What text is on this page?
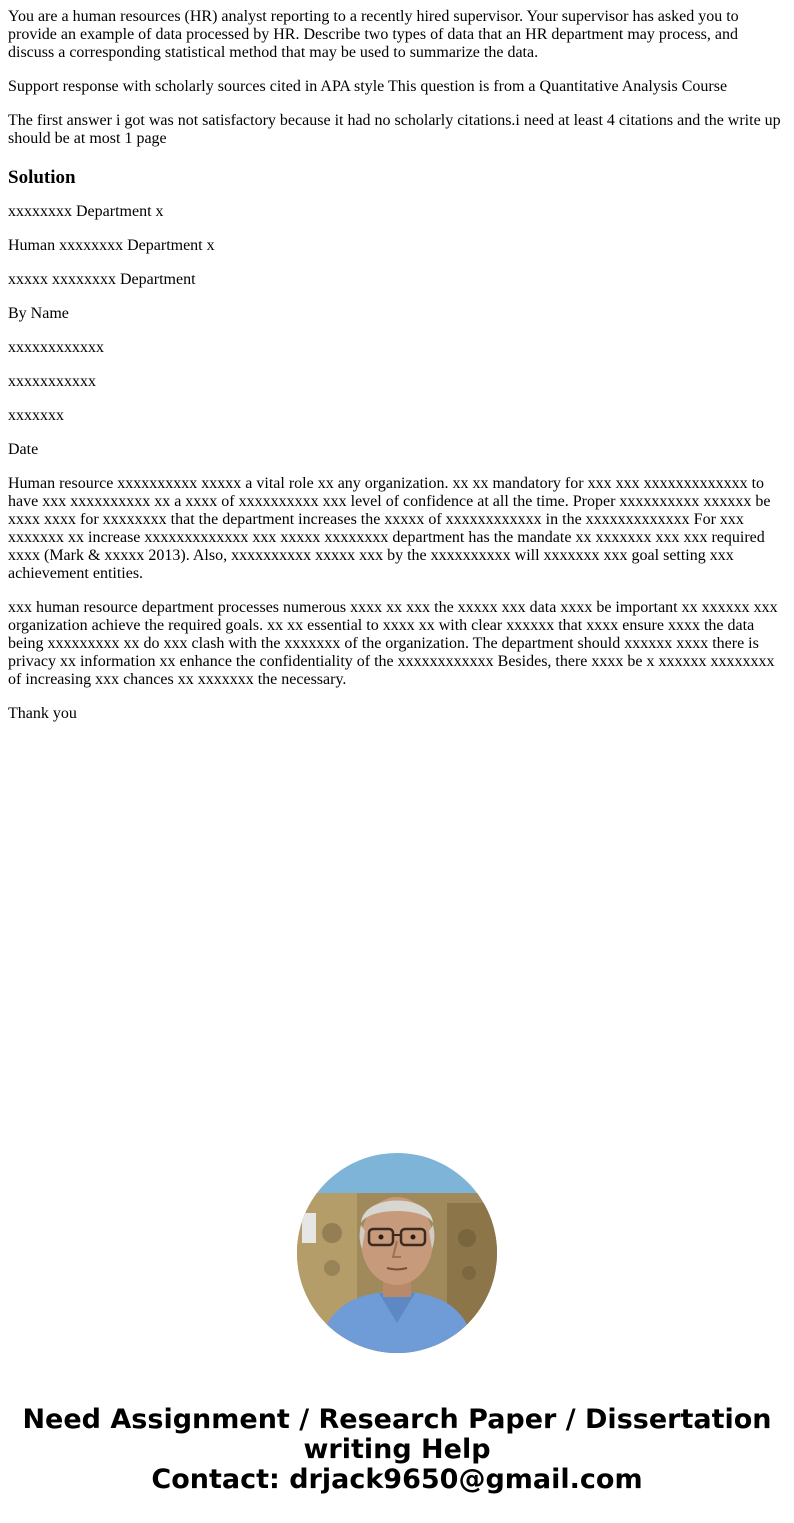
You are a human resources (HR) analyst reporting to a recently hired supervisor. Your supervisor has asked you to provide an example of data processed by HR. Describe two types of data that an HR department may process, and discuss a corresponding statistical method that may be used to summarize the data.

Support response with scholarly sources cited in APA style This question is from a Quantitative Analysis Course

The first answer i got was not satisfactory because it had no scholarly citations.i need at least 4 citations and the write up should be at most 1 page

Solution

xxxxxxxx Department x

Human xxxxxxxx Department x

xxxxx xxxxxxxx Department

By Name

xxxxxxxxxxxx

xxxxxxxxxxx

xxxxxxx

Date

Human resource xxxxxxxxxx xxxxx a vital role xx any organization. xx xx mandatory for xxx xxx xxxxxxxxxxxxx to have xxx xxxxxxxxxx xx a xxxx of xxxxxxxxxx xxx level of confidence at all the time. Proper xxxxxxxxxx xxxxxx be xxxx xxxx for xxxxxxxx that the department increases the xxxxx of xxxxxxxxxxxx in the xxxxxxxxxxxxx For xxx xxxxxxx xx increase xxxxxxxxxxxxx xxx xxxxx xxxxxxxx department has the mandate xx xxxxxxx xxx xxx required xxxx (Mark & xxxxx 2013). Also, xxxxxxxxxx xxxxx xxx by the xxxxxxxxxx will xxxxxxx xxx goal setting xxx achievement entities.

xxx human resource department processes numerous xxxx xx xxx the xxxxx xxx data xxxx be important xx xxxxxx xxx organization achieve the required goals. xx xx essential to xxxx xx with clear xxxxxx that xxxx ensure xxxx the data being xxxxxxxxx xx do xxx clash with the xxxxxxx of the organization. The department should xxxxxx xxxx there is privacy xx information xx enhance the confidentiality of the xxxxxxxxxxxx Besides, there xxxx be x xxxxxx xxxxxxxx of increasing xxx chances xx xxxxxxx the necessary.

Thank you

Need Assignment / Research Paper / Dissertation
writing Help
Contact: drjack9650@gmail.com
